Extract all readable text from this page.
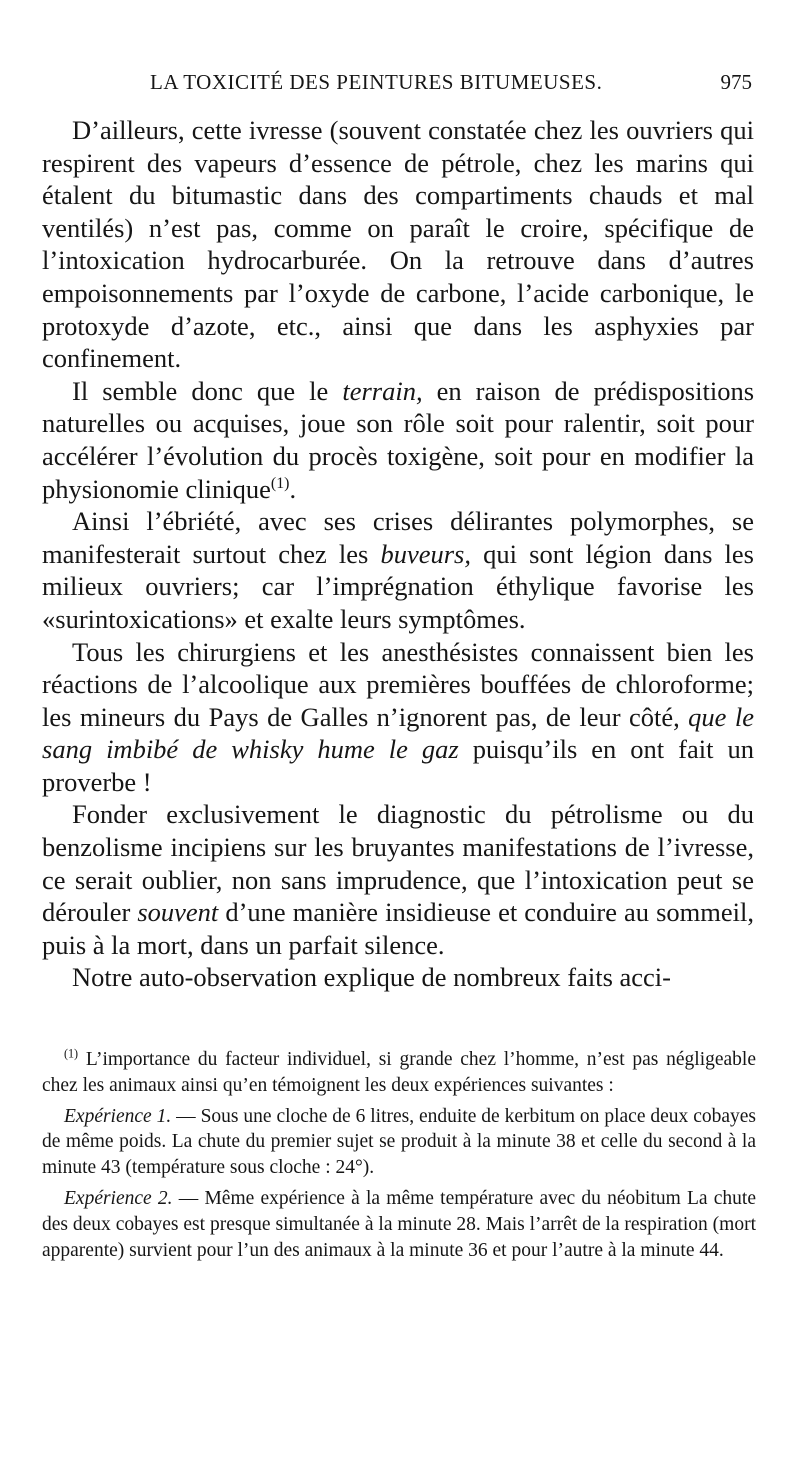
LA TOXICITÉ DES PEINTURES BITUMEUSES.	975

D’ailleurs, cette ivresse (souvent constatée chez les ouvriers qui respirent des vapeurs d’essence de pétrole, chez les marins qui étalent du bitumastic dans des compartiments chauds et mal ventilés) n’est pas, comme on paraît le croire, spécifique de l’intoxication hydrocarburée. On la retrouve dans d’autres empoisonnements par l’oxyde de carbone, l’acide carbonique, le protoxyde d’azote, etc., ainsi que dans les asphyxies par confinement.

Il semble donc que le terrain, en raison de prédispositions naturelles ou acquises, joue son rôle soit pour ralentir, soit pour accélérer l’évolution du procès toxigène, soit pour en modifier la physionomie clinique$^{(1)}$.

Ainsi l’ébriété, avec ses crises délirantes polymorphes, se manifesterait surtout chez les buveurs, qui sont légion dans les milieux ouvriers; car l’imprégnation éthylique favorise les «surintoxications» et exalte leurs symptômes.

Tous les chirurgiens et les anesthésistes connaissent bien les réactions de l’alcoolique aux premières bouffées de chloroforme; les mineurs du Pays de Galles n’ignorent pas, de leur côté, que le sang imbibé de whisky hume le gaz puisqu’ils en ont fait un proverbe !

Fonder exclusivement le diagnostic du pétrolisme ou du benzolisme incipiens sur les bruyantes manifestations de l’ivresse, ce serait oublier, non sans imprudence, que l’intoxication peut se dérouler souvent d’une manière insidieuse et conduire au sommeil, puis à la mort, dans un parfait silence.

Notre auto-observation explique de nombreux faits acci-

$^{(1)}$ L’importance du facteur individuel, si grande chez l’homme, n’est pas négligeable chez les animaux ainsi qu’en témoignent les deux expériences suivantes :

Expérience 1. — Sous une cloche de 6 litres, enduite de kerbitum on place deux cobayes de même poids. La chute du premier sujet se produit à la minute 38 et celle du second à la minute 43 (température sous cloche : 24°).

Expérience 2. — Même expérience à la même température avec du néobitum La chute des deux cobayes est presque simultanée à la minute 28. Mais l’arrêt de la respiration (mort apparente) survient pour l’un des animaux à la minute 36 et pour l’autre à la minute 44.
